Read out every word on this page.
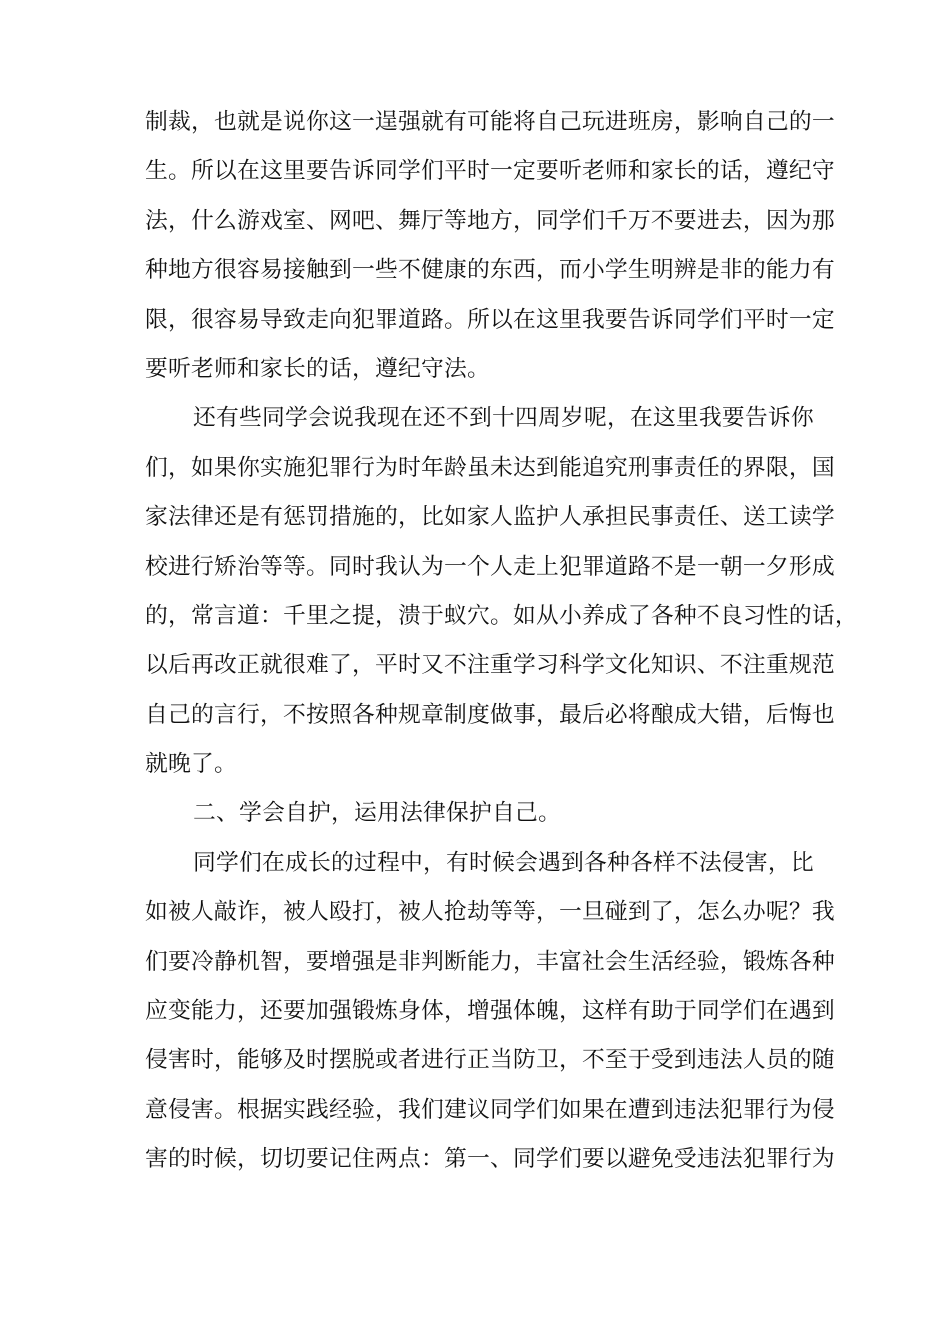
制裁，也就是说你这一逞强就有可能将自己玩进班房，影响自己的一
生。所以在这里要告诉同学们平时一定要听老师和家长的话，遵纪守
法，什么游戏室、网吧、舞厅等地方，同学们千万不要进去，因为那
种地方很容易接触到一些不健康的东西，而小学生明辨是非的能力有
限，很容易导致走向犯罪道路。所以在这里我要告诉同学们平时一定
要听老师和家长的话，遵纪守法。
还有些同学会说我现在还不到十四周岁呢，在这里我要告诉你
们，如果你实施犯罪行为时年龄虽未达到能追究刑事责任的界限，国
家法律还是有惩罚措施的，比如家人监护人承担民事责任、送工读学
校进行矫治等等。同时我认为一个人走上犯罪道路不是一朝一夕形成
的，常言道：千里之提，溃于蚁穴。如从小养成了各种不良习性的话，
以后再改正就很难了，平时又不注重学习科学文化知识、不注重规范
自己的言行，不按照各种规章制度做事，最后必将酿成大错，后悔也
就晚了。
二、学会自护，运用法律保护自己。
同学们在成长的过程中，有时候会遇到各种各样不法侵害，比
如被人敲诈，被人殴打，被人抢劫等等，一旦碰到了，怎么办呢？我
们要冷静机智，要增强是非判断能力，丰富社会生活经验，锻炼各种
应变能力，还要加强锻炼身体，增强体魄，这样有助于同学们在遇到
侵害时，能够及时摆脱或者进行正当防卫，不至于受到违法人员的随
意侵害。根据实践经验，我们建议同学们如果在遭到违法犯罪行为侵
害的时候，切切要记住两点：第一、同学们要以避免受违法犯罪行为
